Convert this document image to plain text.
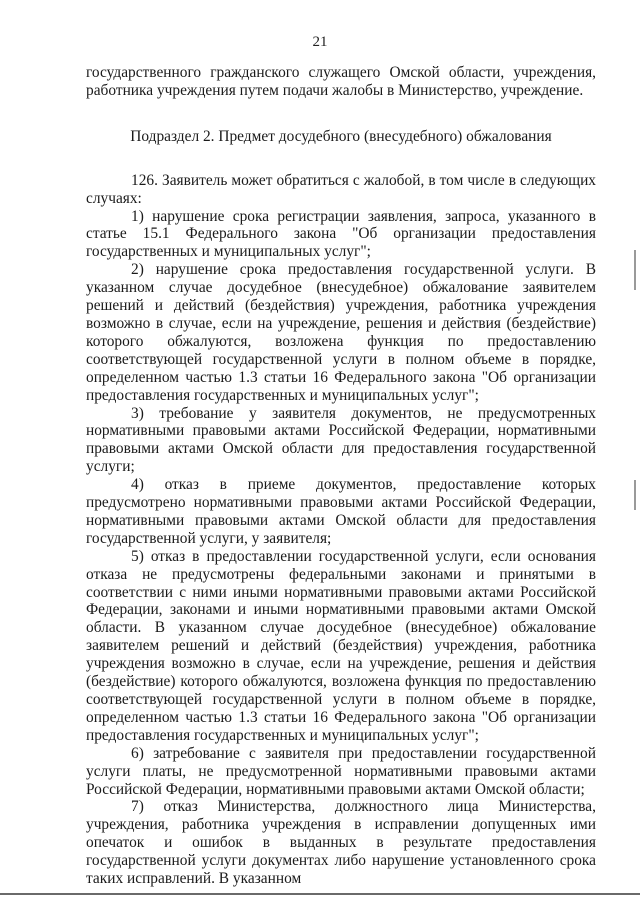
21

государственного гражданского служащего Омской области, учреждения, работника учреждения путем подачи жалобы в Министерство, учреждение.

Подраздел 2. Предмет досудебного (внесудебного) обжалования

126. Заявитель может обратиться с жалобой, в том числе в следующих случаях:

1) нарушение срока регистрации заявления, запроса, указанного в статье 15.1 Федерального закона "Об организации предоставления государственных и муниципальных услуг";

2) нарушение срока предоставления государственной услуги. В указанном случае досудебное (внесудебное) обжалование заявителем решений и действий (бездействия) учреждения, работника учреждения возможно в случае, если на учреждение, решения и действия (бездействие) которого обжалуются, возложена функция по предоставлению соответствующей государственной услуги в полном объеме в порядке, определенном частью 1.3 статьи 16 Федерального закона "Об организации предоставления государственных и муниципальных услуг";

3) требование у заявителя документов, не предусмотренных нормативными правовыми актами Российской Федерации, нормативными правовыми актами Омской области для предоставления государственной услуги;

4) отказ в приеме документов, предоставление которых предусмотрено нормативными правовыми актами Российской Федерации, нормативными правовыми актами Омской области для предоставления государственной услуги, у заявителя;

5) отказ в предоставлении государственной услуги, если основания отказа не предусмотрены федеральными законами и принятыми в соответствии с ними иными нормативными правовыми актами Российской Федерации, законами и иными нормативными правовыми актами Омской области. В указанном случае досудебное (внесудебное) обжалование заявителем решений и действий (бездействия) учреждения, работника учреждения возможно в случае, если на учреждение, решения и действия (бездействие) которого обжалуются, возложена функция по предоставлению соответствующей государственной услуги в полном объеме в порядке, определенном частью 1.3 статьи 16 Федерального закона "Об организации предоставления государственных и муниципальных услуг";

6) затребование с заявителя при предоставлении государственной услуги платы, не предусмотренной нормативными правовыми актами Российской Федерации, нормативными правовыми актами Омской области;

7) отказ Министерства, должностного лица Министерства, учреждения, работника учреждения в исправлении допущенных ими опечаток и ошибок в выданных в результате предоставления государственной услуги документах либо нарушение установленного срока таких исправлений. В указанном
